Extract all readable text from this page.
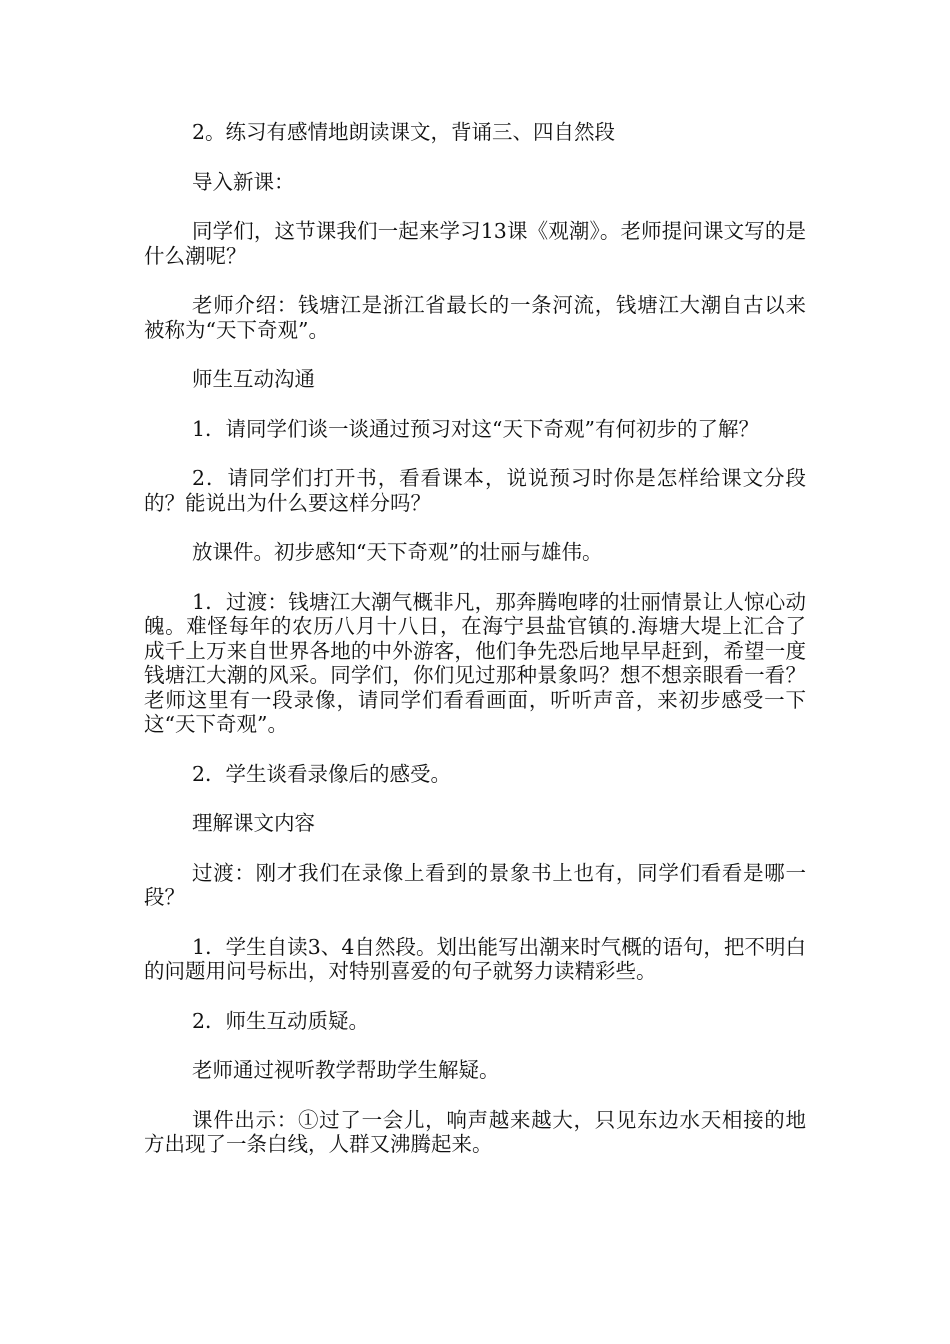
2。练习有感情地朗读课文，背诵三、四自然段

导入新课：

同学们，这节课我们一起来学习13课《观潮》。老师提问课文写的是什么潮呢？

老师介绍：钱塘江是浙江省最长的一条河流，钱塘江大潮自古以来被称为“天下奇观”。

师生互动沟通

1．请同学们谈一谈通过预习对这“天下奇观”有何初步的了解？

2．请同学们打开书，看看课本，说说预习时你是怎样给课文分段的？能说出为什么要这样分吗？

放课件。初步感知“天下奇观”的壮丽与雄伟。

1．过渡：钱塘江大潮气概非凡，那奔腾咆哮的壮丽情景让人惊心动魄。难怪每年的农历八月十八日，在海宁县盐官镇的.海塘大堤上汇合了成千上万来自世界各地的中外游客，他们争先恐后地早早赶到，希望一度钱塘江大潮的风采。同学们，你们见过那种景象吗？想不想亲眼看一看？老师这里有一段录像，请同学们看看画面，听听声音，来初步感受一下这“天下奇观”。

2．学生谈看录像后的感受。

理解课文内容

过渡：刚才我们在录像上看到的景象书上也有，同学们看看是哪一段？

1．学生自读3、4自然段。划出能写出潮来时气概的语句，把不明白的问题用问号标出，对特别喜爱的句子就努力读精彩些。

2．师生互动质疑。

老师通过视听教学帮助学生解疑。

课件出示：①过了一会儿，响声越来越大，只见东边水天相接的地方出现了一条白线，人群又沸腾起来。
